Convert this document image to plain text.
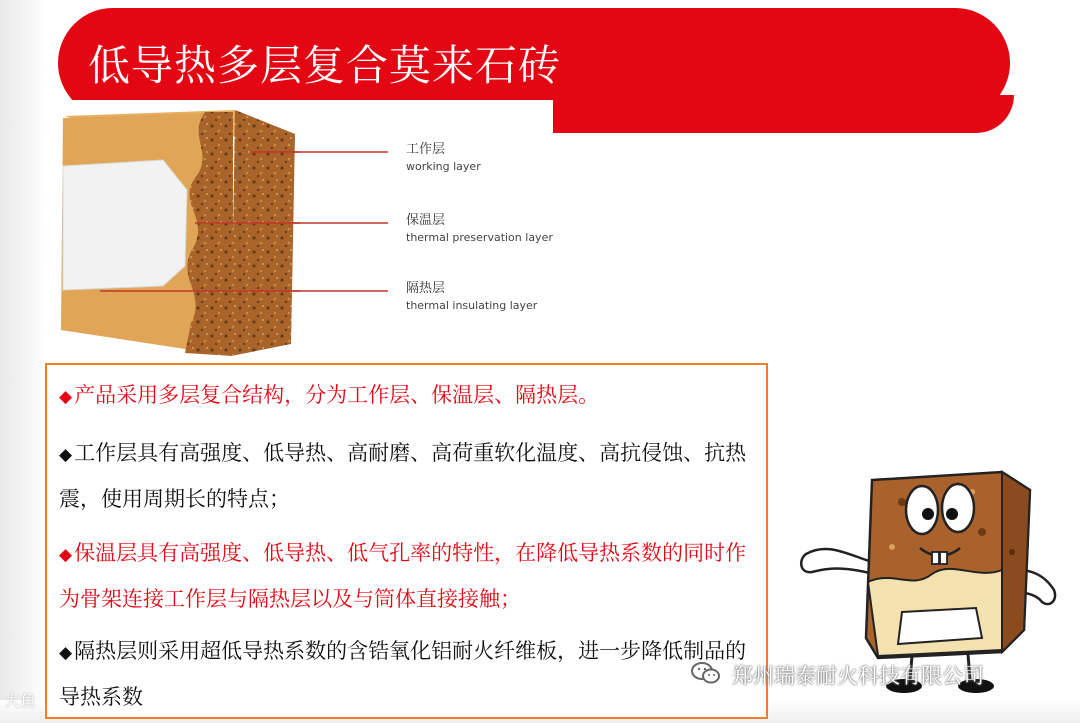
低导热多层复合莫来石砖
工作层
working layer
保温层
thermal preservation layer
隔热层
thermal insulating layer
◆产品采用多层复合结构，分为工作层、保温层、隔热层。
◆工作层具有高强度、低导热、高耐磨、高荷重软化温度、高抗侵蚀、抗热震，使用周期长的特点；
◆保温层具有高强度、低导热、低气孔率的特性，在降低导热系数的同时作为骨架连接工作层与隔热层以及与筒体直接接触；
◆隔热层则采用超低导热系数的含锆氧化铝耐火纤维板，进一步降低制品的导热系数
郑州瑞泰耐火科技有限公司
大鱼
